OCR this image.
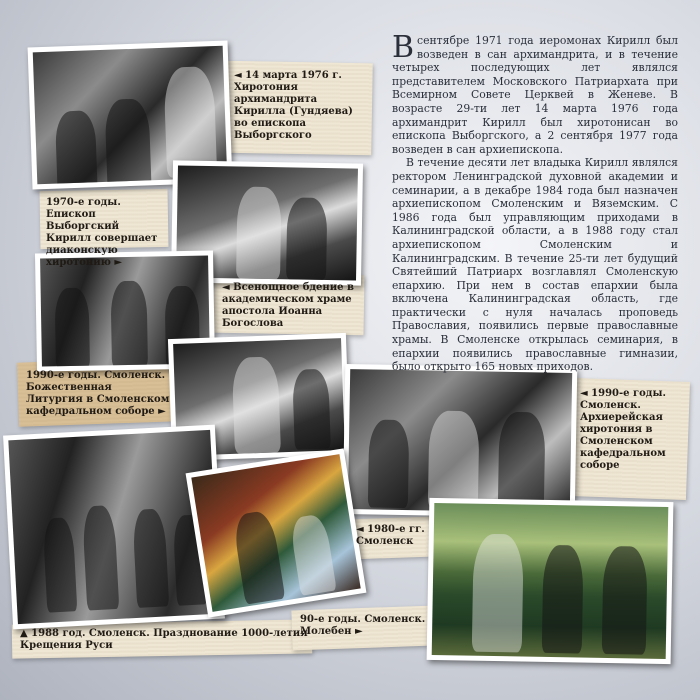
◄ 14 марта 1976 г. Хиротония архимандрита Кирилла (Гундяева) во епископа Выборгского
1970-е годы. Епископ Выборгский Кирилл совершает диаконскую хиротонию ►
◄ Всенощное бдение в академическом храме апостола Иоанна Богослова
1990-е годы. Смоленск. Божественная Литургия в Смоленском кафедральном соборе ►
◄ 1990-е годы. Смоленск. Архиерейская хиротония в Смоленском кафедральном соборе
◄ 1980-е гг. Смоленск
▲ 1988 год. Смоленск. Празднование 1000-летия Крещения Руси
90-е годы. Смоленск. Молебен ►

Всентябре 1971 года иеромонах Кирилл был возведен в сан архимандрита, и в течение четырех последующих лет являлся представителем Московского Патриархата при Всемирном Совете Церквей в Женеве. В возрасте 29-ти лет 14 марта 1976 года архимандрит Кирилл был хиротонисан во епископа Выборгского, а 2 сентября 1977 года возведен в сан архиепископа.

В течение десяти лет владыка Кирилл являлся ректором Ленинградской духовной академии и семинарии, а в декабре 1984 года был назначен архиепископом Смоленским и Вяземским. С 1986 года был управляющим приходами в Калининградской области, а в 1988 году стал архиепископом Смоленским и Калининградским. В течение 25-ти лет будущий Святейший Патриарх возглавлял Смоленскую епархию. При нем в состав епархии была включена Калининградская область, где практически с нуля началась проповедь Православия, появились первые православные храмы. В Смоленске открылась семинария, в епархии появились православные гимназии, было открыто 165 новых приходов.
